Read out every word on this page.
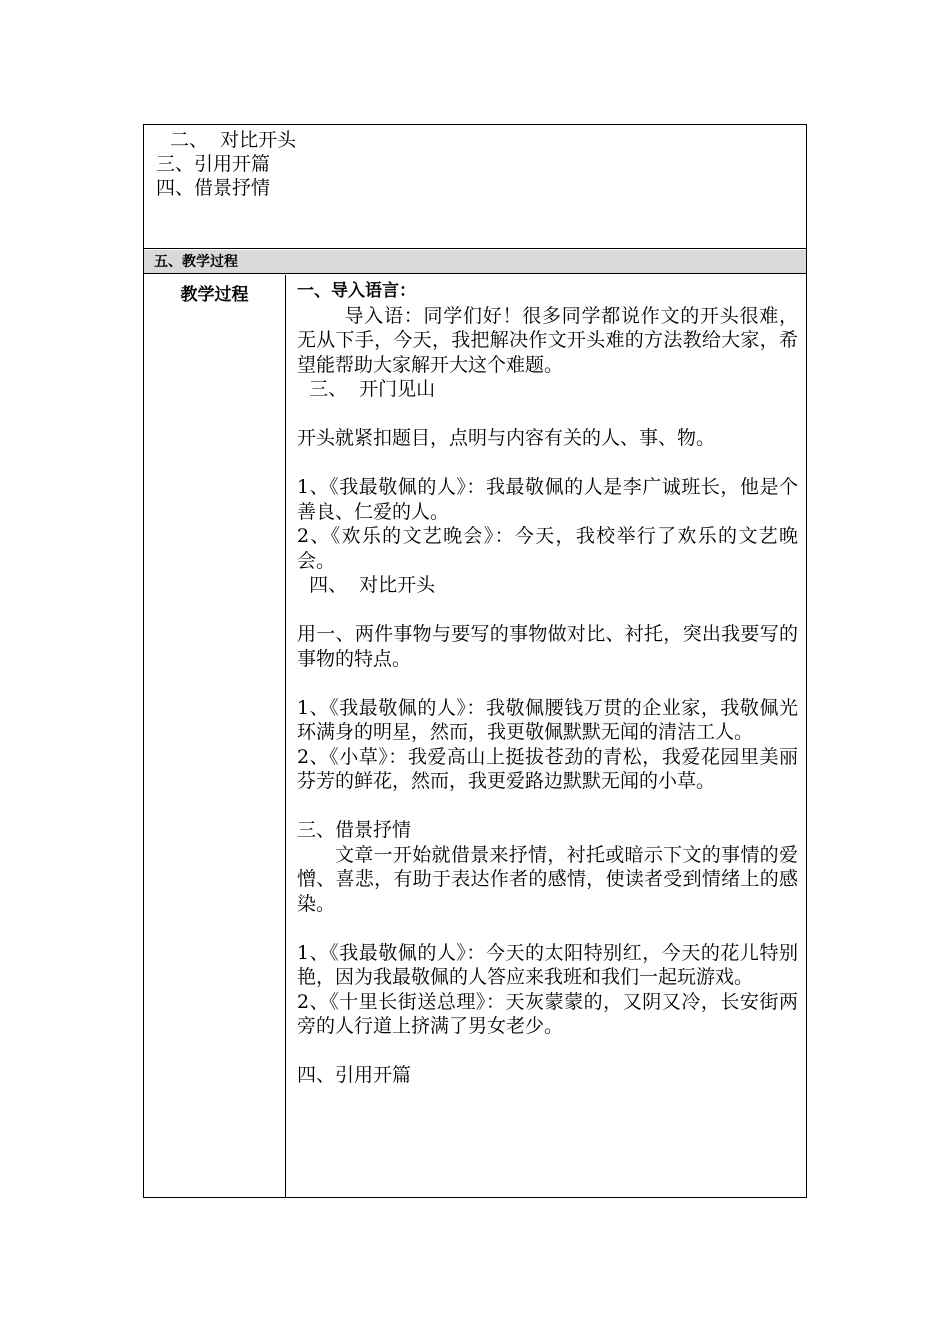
二、  对比开头
三、引用开篇
四、借景抒情
五、教学过程
教学过程	一、导入语言：

导入语：同学们好！很多同学都说作文的开头很难，无从下手，今天，我把解决作文开头难的方法教给大家，希望能帮助大家解开大这个难题。

三、  开门见山

开头就紧扣题目，点明与内容有关的人、事、物。

1、《我最敬佩的人》：我最敬佩的人是李广诚班长，他是个善良、仁爱的人。

2、《欢乐的文艺晚会》：今天，我校举行了欢乐的文艺晚会。

四、  对比开头

用一、两件事物与要写的事物做对比、衬托，突出我要写的事物的特点。

1、《我最敬佩的人》：我敬佩腰钱万贯的企业家，我敬佩光环满身的明星，然而，我更敬佩默默无闻的清洁工人。

2、《小草》：我爱高山上挺拔苍劲的青松，我爱花园里美丽芬芳的鲜花，然而，我更爱路边默默无闻的小草。

三、借景抒情

文章一开始就借景来抒情，衬托或暗示下文的事情的爱憎、喜悲，有助于表达作者的感情，使读者受到情绪上的感染。

1、《我最敬佩的人》：今天的太阳特别红，今天的花儿特别艳，因为我最敬佩的人答应来我班和我们一起玩游戏。

2、《十里长街送总理》：天灰蒙蒙的，又阴又冷，长安街两旁的人行道上挤满了男女老少。

四、引用开篇
